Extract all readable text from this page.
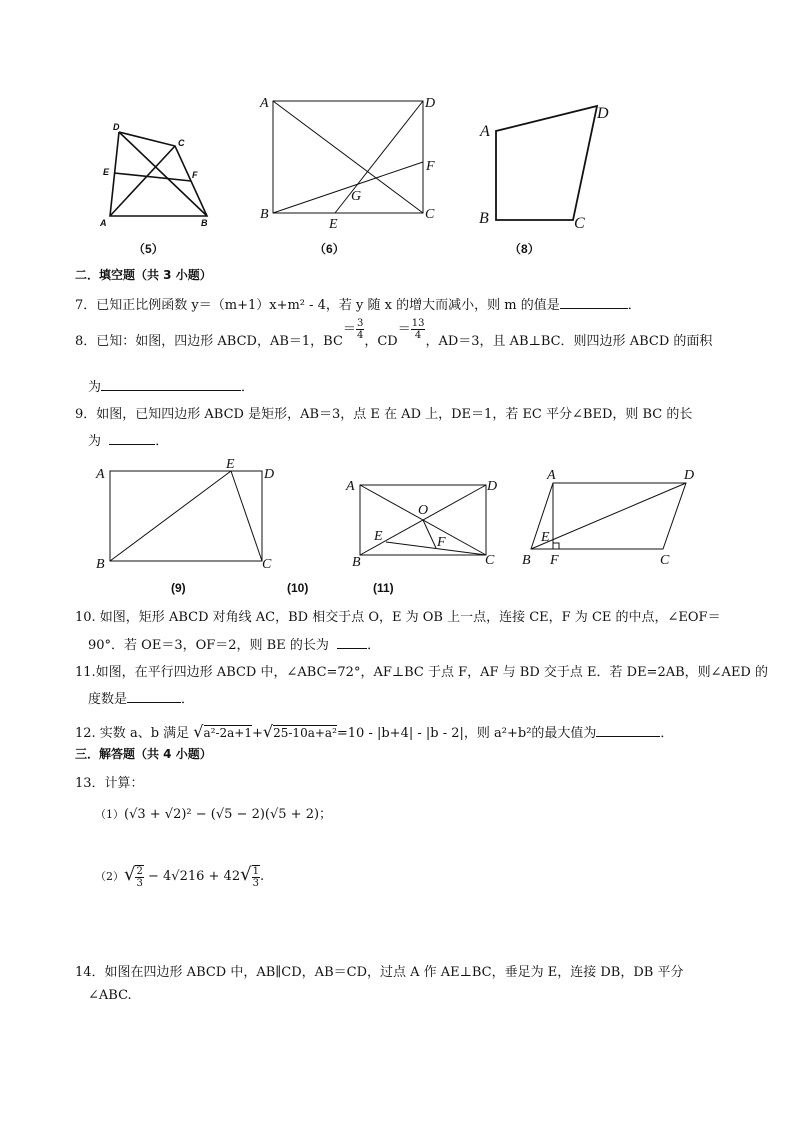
D
C
E	F
A	B
（5）
A	D
F
G
B
E
C
（6）
A
D
B	C
（8）
二．填空题（共 3 小题）
7．已知正比例函数 y＝（m+1）x+m² - 4，若 y 随 x 的增大而减小，则 m 的值是	．
8．已知：如图，四边形 ABCD，AB＝1，$BC= \frac{3}{4}$
，$CD= \frac{13}{4}$
，AD＝3，且 AB⊥BC．则四边形 ABCD 的面积
为	．
9．如图，已知四边形 ABCD 是矩形，AB＝3，点 E 在 AD 上，DE＝1，若 EC 平分∠BED，则 BC 的长
为	．
A
E
D
B	C
A	D
O
E	F
B	C
A	D
E
B F	C
(9)	(10)	(11)
10. 如图，矩形 ABCD 对角线 AC，BD 相交于点 O，E 为 OB 上一点，连接 CE，F 为 CE 的中点，∠EOF＝
90°．若 OE＝3，OF＝2，则 BE 的长为	．
11.如图，在平行四边形 ABCD 中，∠ABC=72°，AF⊥BC 于点 F，AF 与 BD 交于点 E．若 DE=2AB，则∠AED 的
度数是	．
12. 实数 a、b 满足 √a²-2a+1+√25-10a+a²=10 - |b+4| - |b - 2|，则 a²+b²的最大值为	．
三．解答题（共 4 小题）
13．计算：
（1）(√3 + √2)² − (√5 − 2)(√5 + 2)；
$(2)√ \frac{2}{3} - 4√216 + 42√ \frac{1}{3}$ .
14．如图在四边形 ABCD 中，AB∥CD，AB＝CD，过点 A 作 AE⊥BC，垂足为 E，连接 DB，DB 平分
∠ABC.
